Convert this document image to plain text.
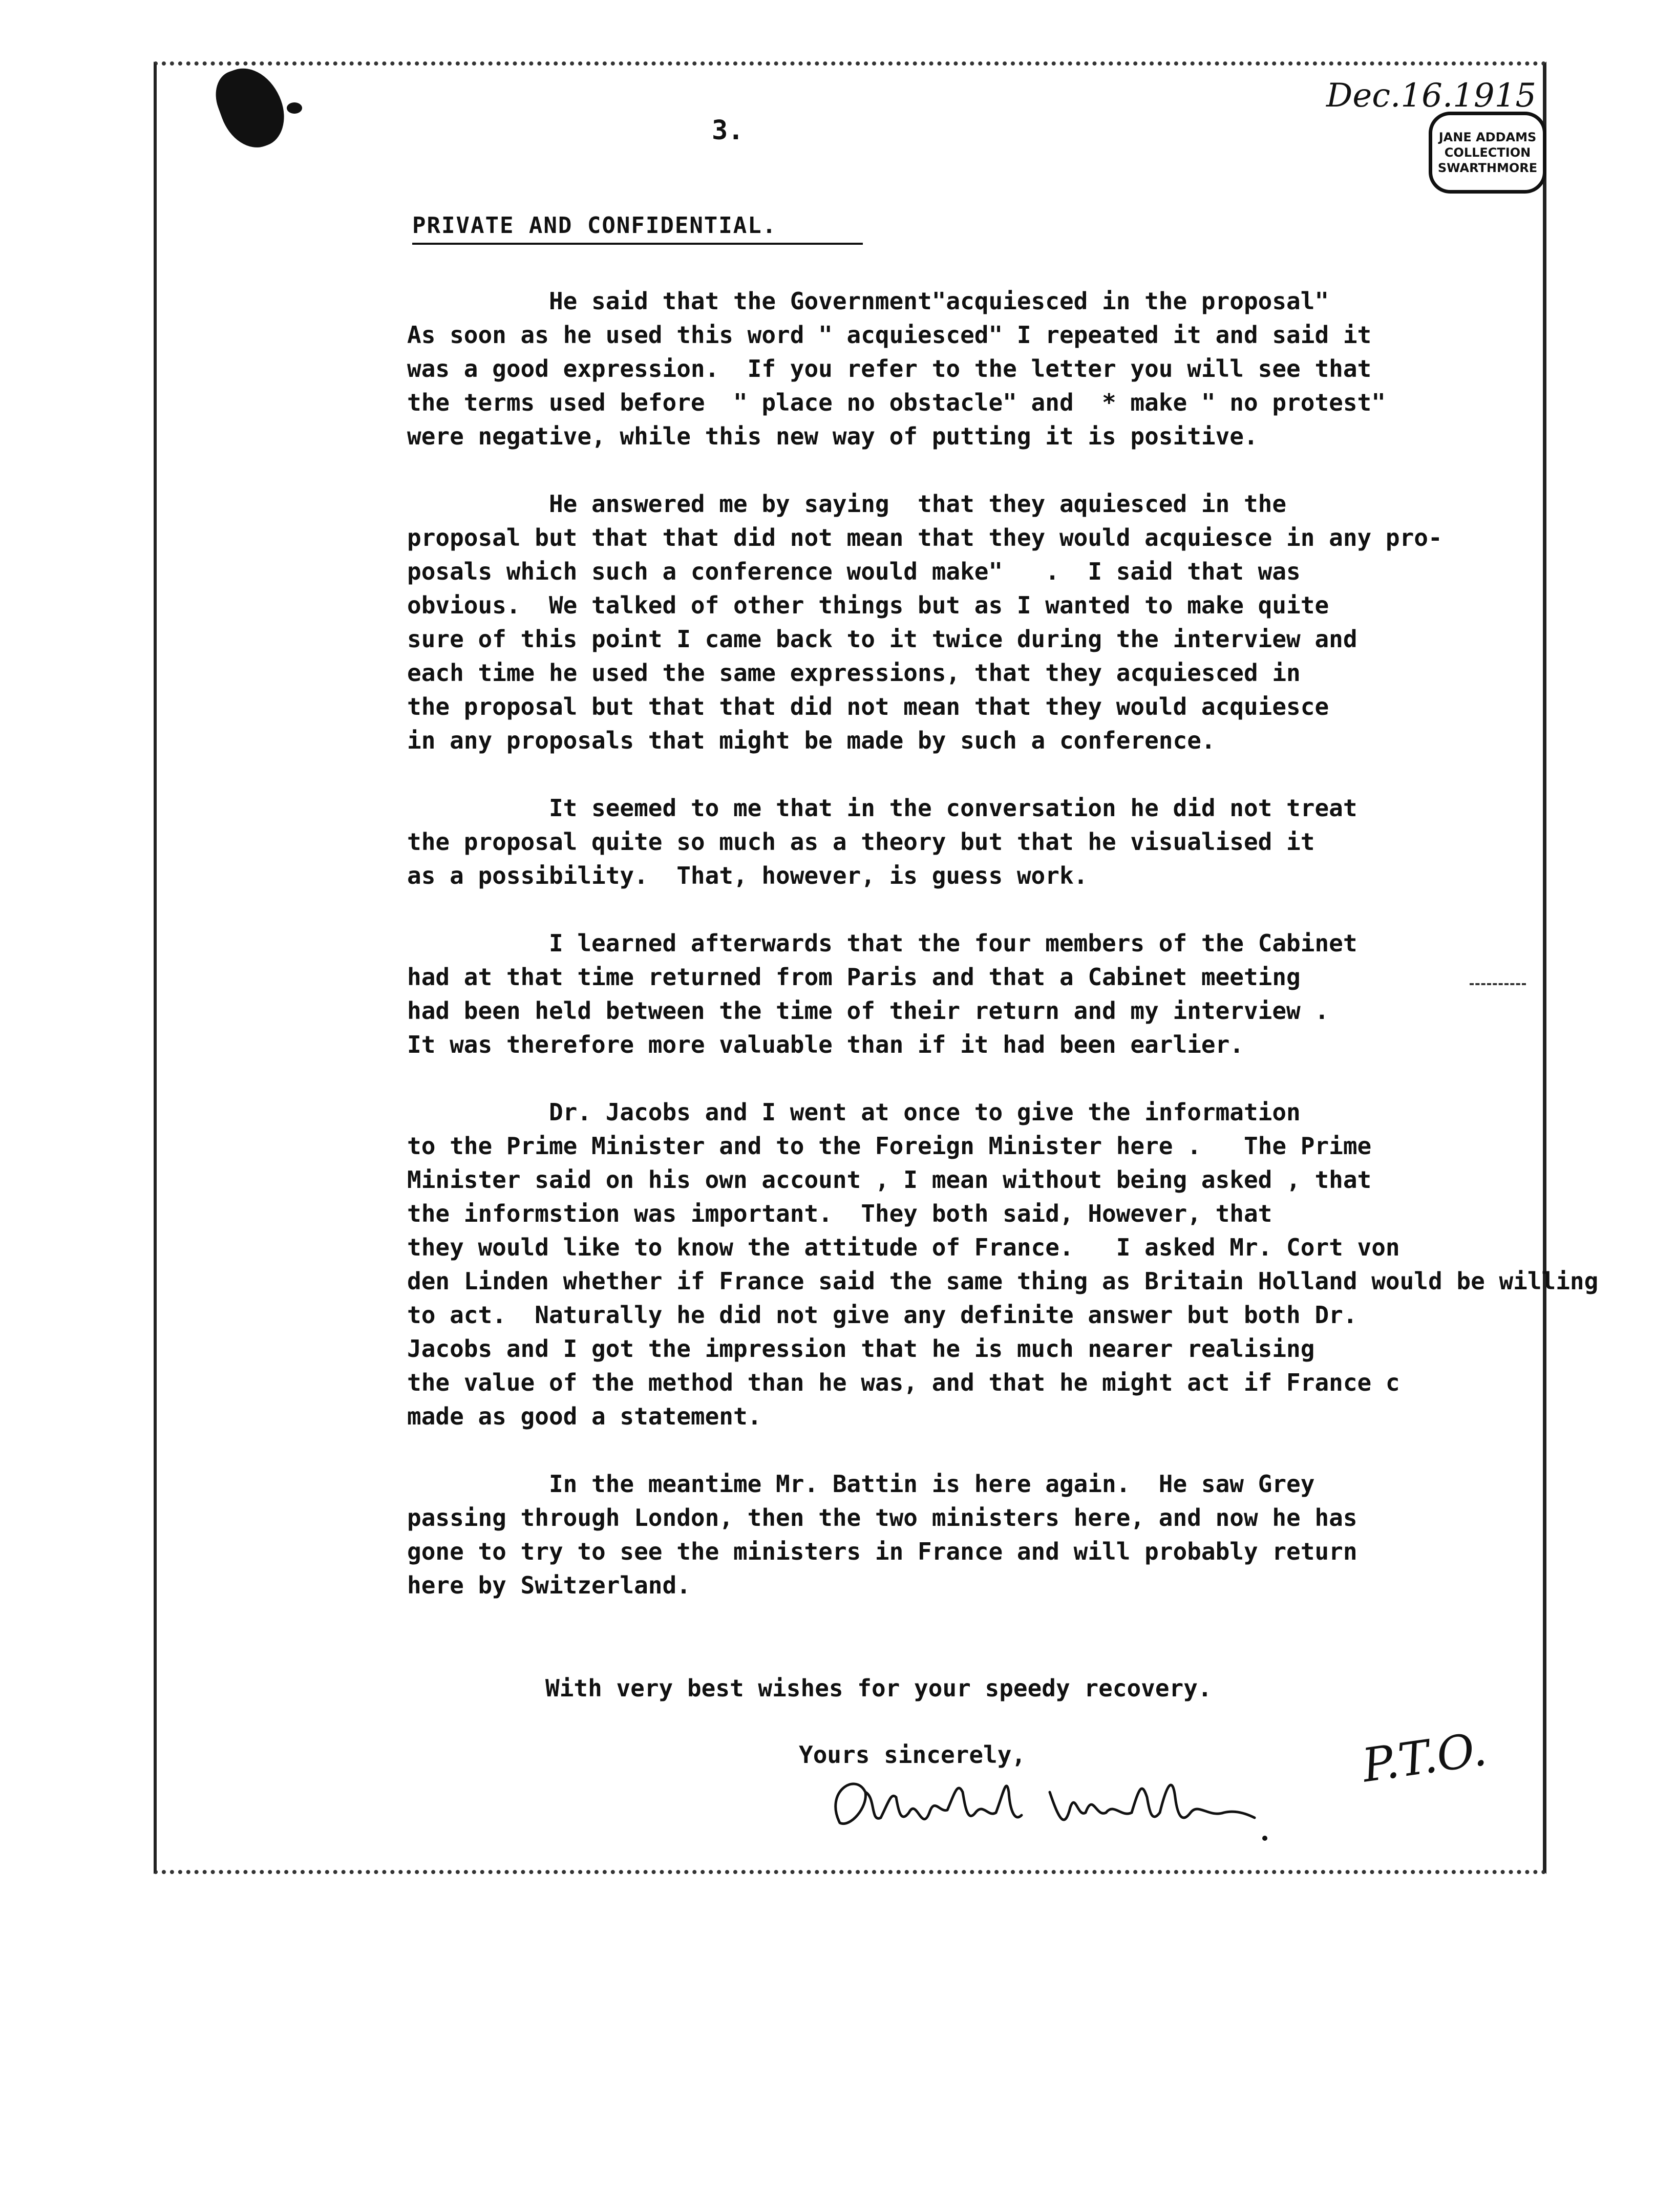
3.
Dec.16.1915
JANE ADDAMS
COLLECTION
SWARTHMORE
PRIVATE AND CONFIDENTIAL.
He said that the Government"acquiesced in the proposal"
As soon as he used this word " acquiesced" I repeated it and said it
was a good expression.  If you refer to the letter you will see that
the terms used before  " place no obstacle" and  * make " no protest"
were negative, while this new way of putting it is positive.
He answered me by saying  that they aquiesced in the
proposal but that that did not mean that they would acquiesce in any pro-
posals which such a conference would make"   .  I said that was
obvious.  We talked of other things but as I wanted to make quite
sure of this point I came back to it twice during the interview and
each time he used the same expressions, that they acquiesced in
the proposal but that that did not mean that they would acquiesce
in any proposals that might be made by such a conference.
It seemed to me that in the conversation he did not treat
the proposal quite so much as a theory but that he visualised it
as a possibility.  That, however, is guess work.
I learned afterwards that the four members of the Cabinet
had at that time returned from Paris and that a Cabinet meeting
had been held between the time of their return and my interview .
It was therefore more valuable than if it had been earlier.
Dr. Jacobs and I went at once to give the information
to the Prime Minister and to the Foreign Minister here .   The Prime
Minister said on his own account , I mean without being asked , that
the informstion was important.  They both said, However, that
they would like to know the attitude of France.   I asked Mr. Cort von
den Linden whether if France said the same thing as Britain Holland would be willing
to act.  Naturally he did not give any definite answer but both Dr.
Jacobs and I got the impression that he is much nearer realising
the value of the method than he was, and that he might act if France c
made as good a statement.
In the meantime Mr. Battin is here again.  He saw Grey
passing through London, then the two ministers here, and now he has
gone to try to see the ministers in France and will probably return
here by Switzerland.
With very best wishes for your speedy recovery.
Yours sincerely,	P.T.O.
